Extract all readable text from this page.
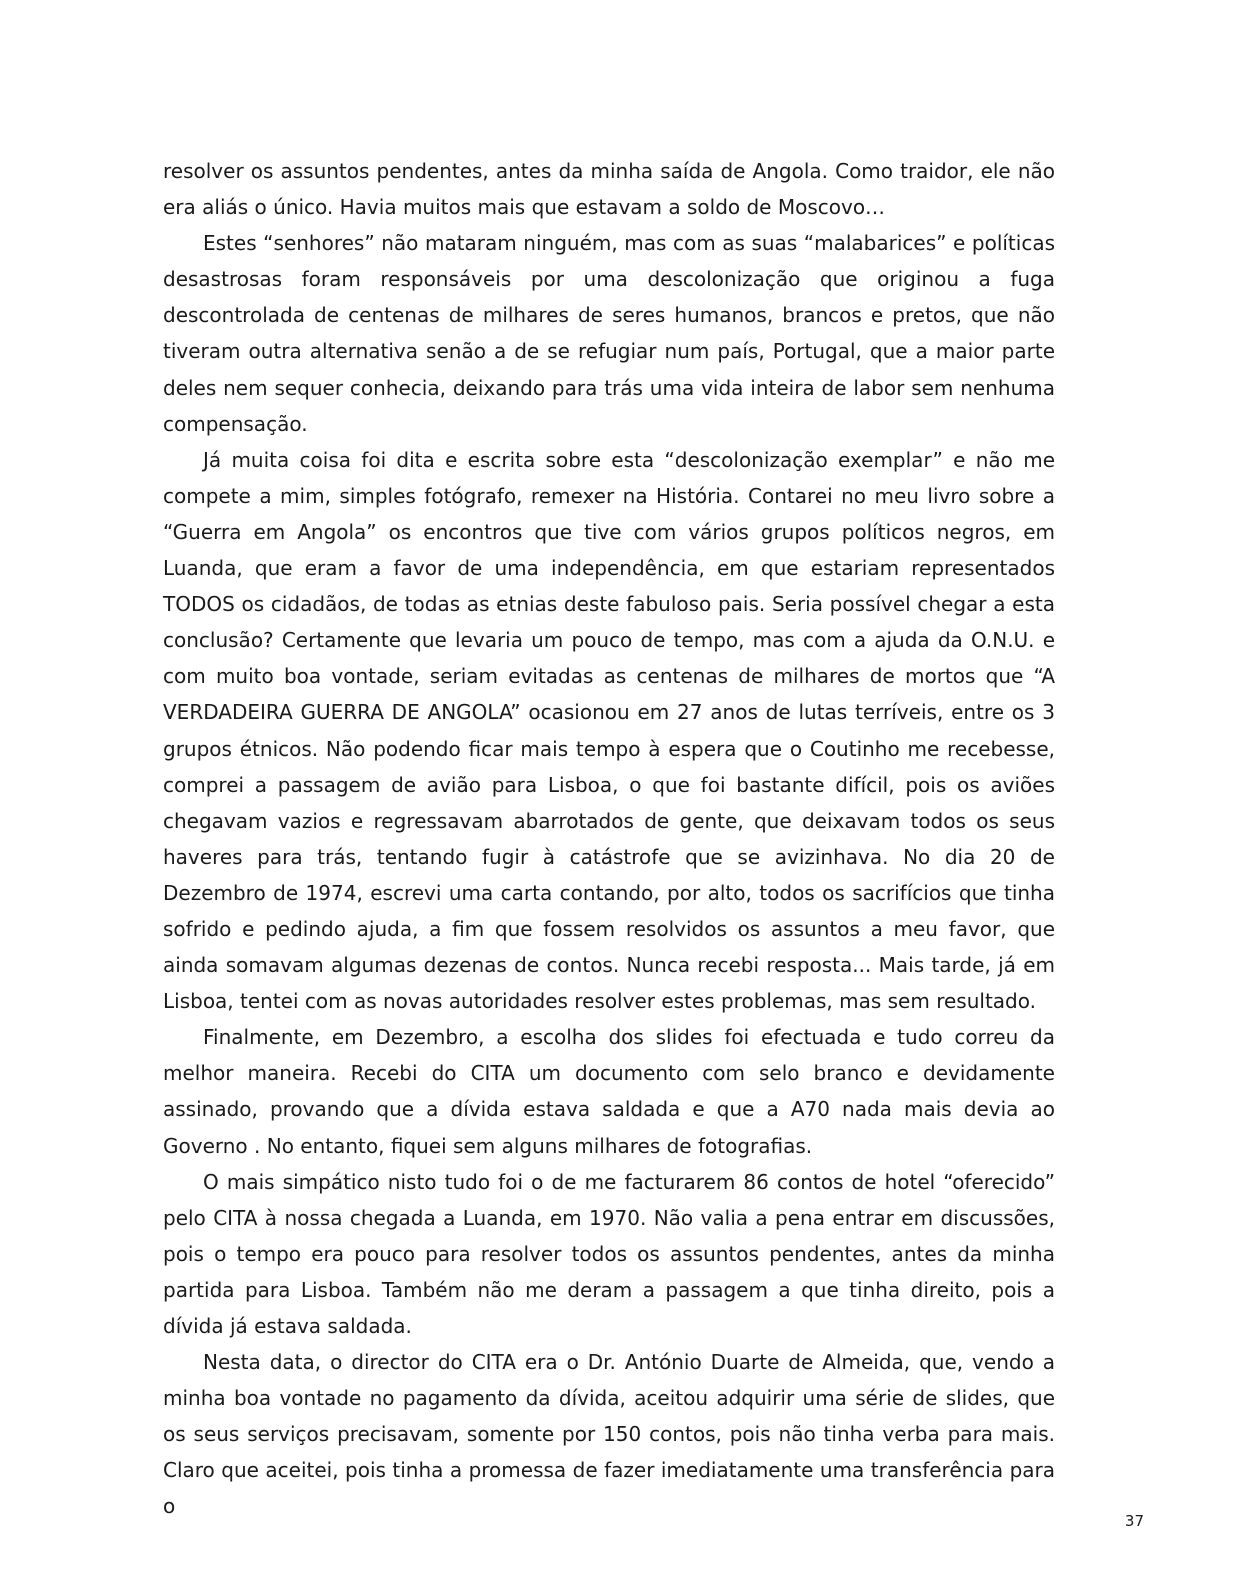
resolver os assuntos pendentes, antes da minha saída de Angola. Como traidor, ele não era aliás o único. Havia muitos mais que estavam a soldo de Moscovo…

Estes “senhores” não mataram ninguém, mas com as suas “malabarices” e políticas desastrosas foram responsáveis por uma descolonização que originou a fuga descontrolada de centenas de milhares de seres humanos, brancos e pretos, que não tiveram outra alternativa senão a de se refugiar num país, Portugal, que a maior parte deles nem sequer conhecia, deixando para trás uma vida inteira de labor sem nenhuma compensação.

Já muita coisa foi dita e escrita sobre esta “descolonização exemplar” e não me compete a mim, simples fotógrafo, remexer na História. Contarei no meu livro sobre a “Guerra em Angola” os encontros que tive com vários grupos políticos negros, em Luanda, que eram a favor de uma independência, em que estariam representados TODOS os cidadãos, de todas as etnias deste fabuloso pais. Seria possível chegar a esta conclusão? Certamente que levaria um pouco de tempo, mas com a ajuda da O.N.U. e com muito boa vontade, seriam evitadas as centenas de milhares de mortos que “A VERDADEIRA GUERRA DE ANGOLA” ocasionou em 27 anos de lutas terríveis, entre os 3 grupos étnicos. Não podendo ficar mais tempo à espera que o Coutinho me recebesse, comprei a passagem de avião para Lisboa, o que foi bastante difícil, pois os aviões chegavam vazios e regressavam abarrotados de gente, que deixavam todos os seus haveres para trás, tentando fugir à catástrofe que se avizinhava. No dia 20 de Dezembro de 1974, escrevi uma carta contando, por alto, todos os sacrifícios que tinha sofrido e pedindo ajuda, a fim que fossem resolvidos os assuntos a meu favor, que ainda somavam algumas dezenas de contos. Nunca recebi resposta... Mais tarde, já em Lisboa, tentei com as novas autoridades resolver estes problemas, mas sem resultado.

Finalmente, em Dezembro, a escolha dos slides foi efectuada e tudo correu da melhor maneira. Recebi do CITA um documento com selo branco e devidamente assinado, provando que a dívida estava saldada e que a A70 nada mais devia ao Governo . No entanto, fiquei sem alguns milhares de fotografias.

O mais simpático nisto tudo foi o de me facturarem 86 contos de hotel “oferecido” pelo CITA à nossa chegada a Luanda, em 1970. Não valia a pena entrar em discussões, pois o tempo era pouco para resolver todos os assuntos pendentes, antes da minha partida para Lisboa. Também não me deram a passagem a que tinha direito, pois a dívida já estava saldada.

Nesta data, o director do CITA era o Dr. António Duarte de Almeida, que, vendo a minha boa vontade no pagamento da dívida, aceitou adquirir uma série de slides, que os seus serviços precisavam, somente por 150 contos, pois não tinha verba para mais. Claro que aceitei, pois tinha a promessa de fazer imediatamente uma transferência para o

37
